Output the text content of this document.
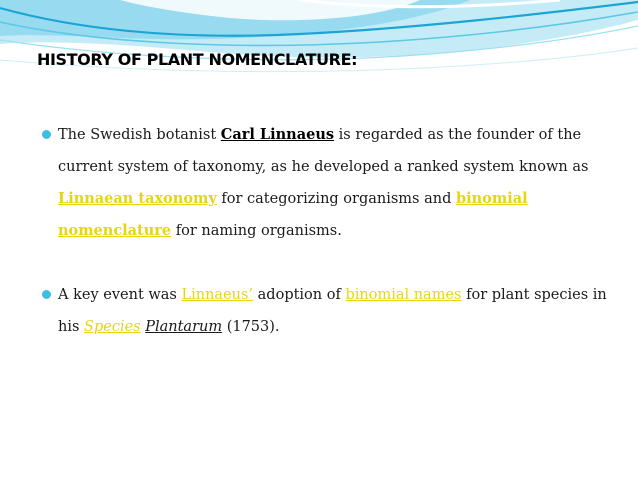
HISTORY OF PLANT NOMENCLATURE:
The Swedish botanist Carl Linnaeus is regarded as the founder of the current system of taxonomy, as he developed a ranked system known as Linnaean taxonomy for categorizing organisms and binomial nomenclature for naming organisms.
A key event was Linnaeus’ adoption of binomial names for plant species in his Species Plantarum (1753).
